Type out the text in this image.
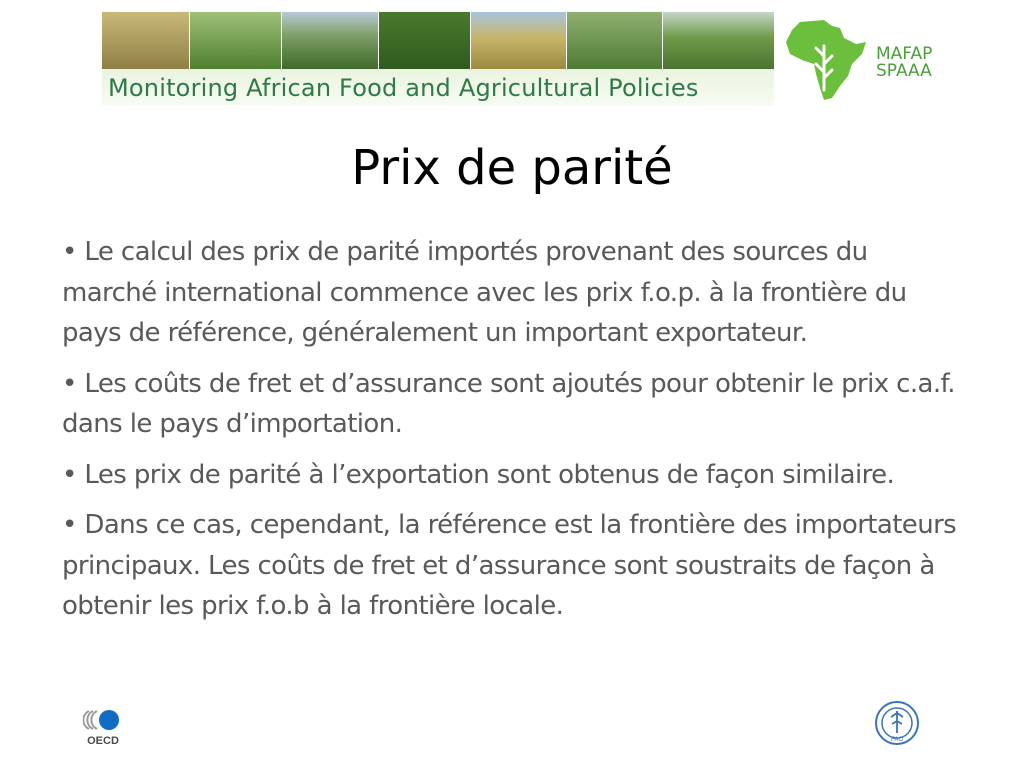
Monitoring African Food and Agricultural Policies
MAFAP
SPAAA
Prix de parité

• Le calcul des prix de parité importés provenant des sources du marché international commence avec les prix f.o.p. à la frontière du pays de référence, généralement un important exportateur.

• Les coûts de fret et d’assurance sont ajoutés pour obtenir le prix c.a.f. dans le pays d’importation.

• Les prix de parité à l’exportation sont obtenus de façon similaire.

• Dans ce cas, cependant, la référence est la frontière des importateurs principaux. Les coûts de fret et d’assurance sont soustraits de façon à obtenir les prix f.o.b à la frontière locale.

OECD	FAO
